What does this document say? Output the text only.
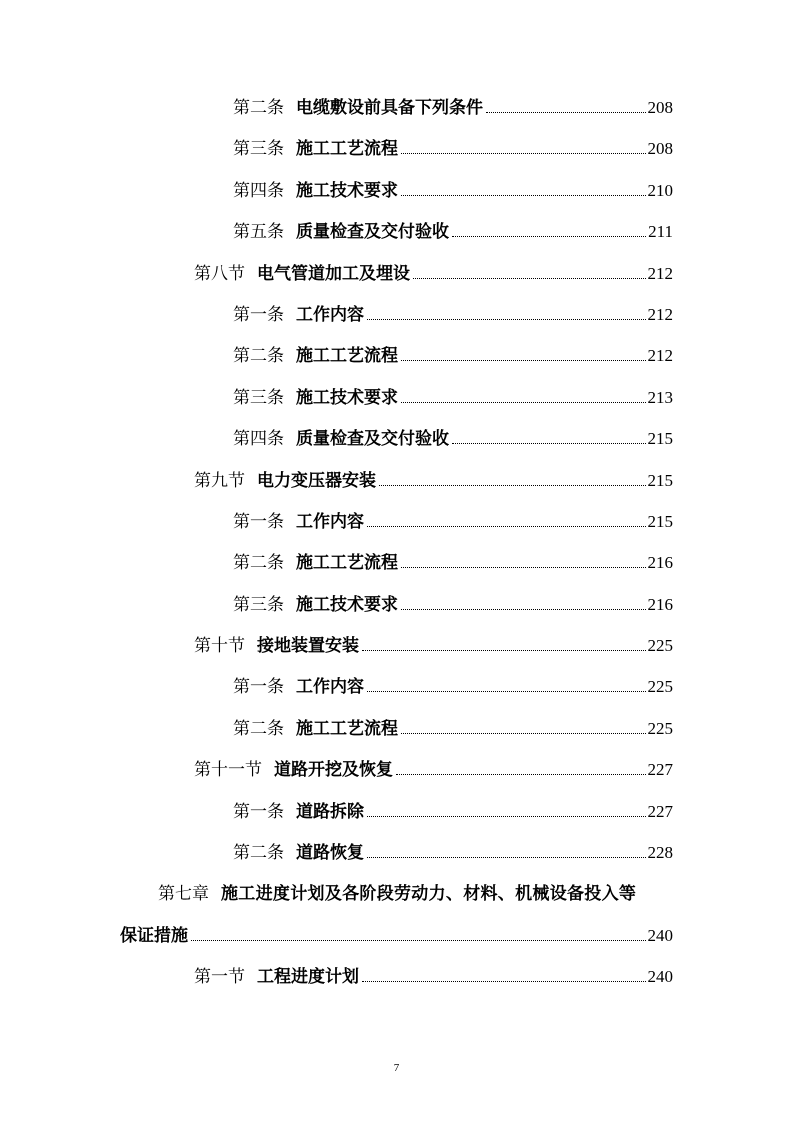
第二条 电缆敷设前具备下列条件	208
第三条 施工工艺流程	208
第四条 施工技术要求	210
第五条 质量检查及交付验收	211
第八节 电气管道加工及埋设	212
第一条 工作内容	212
第二条 施工工艺流程	212
第三条 施工技术要求	213
第四条 质量检查及交付验收	215
第九节 电力变压器安装	215
第一条 工作内容	215
第二条 施工工艺流程	216
第三条 施工技术要求	216
第十节 接地装置安装	225
第一条 工作内容	225
第二条 施工工艺流程	225
第十一节 道路开挖及恢复	227
第一条 道路拆除	227
第二条 道路恢复	228
第七章 施工进度计划及各阶段劳动力、材料、机械设备投入等
保证措施	240
第一节 工程进度计划	240
7
